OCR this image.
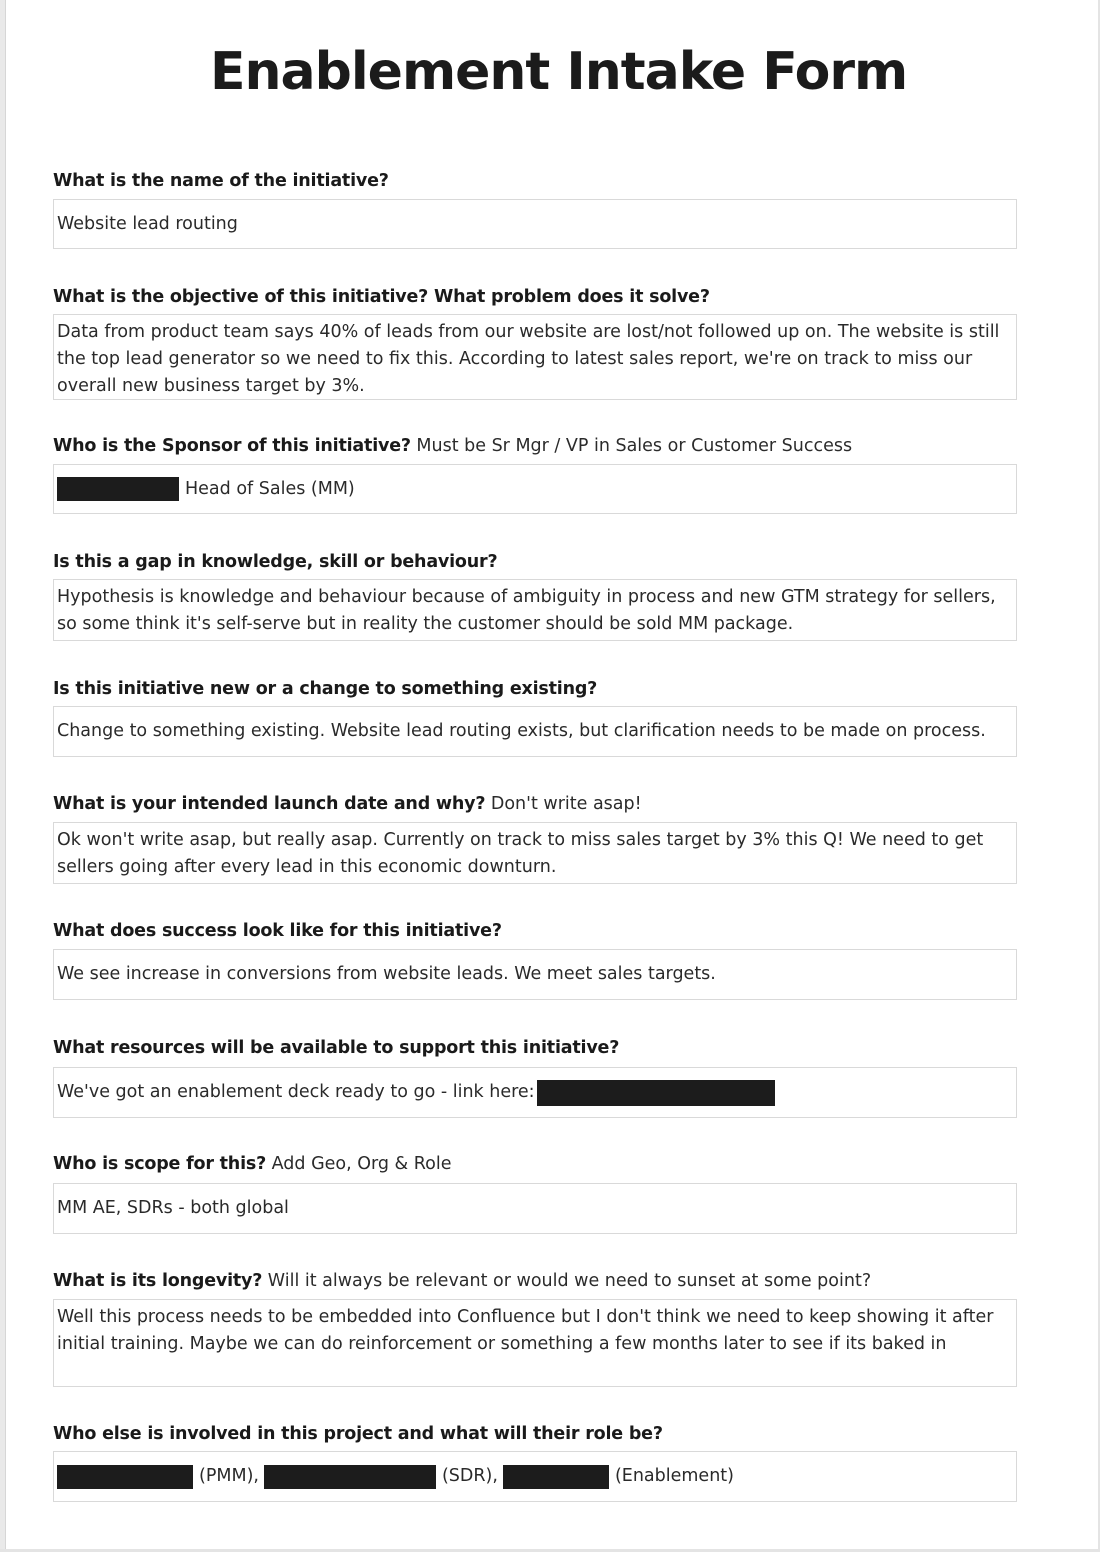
Enablement Intake Form
What is the name of the initiative?
Website lead routing
What is the objective of this initiative? What problem does it solve?
Data from product team says 40% of leads from our website are lost/not followed up on. The website is still the top lead generator so we need to fix this. According to latest sales report, we're on track to miss our overall new business target by 3%.
Who is the Sponsor of this initiative? Must be Sr Mgr / VP in Sales or Customer Success
Head of Sales (MM)
Is this a gap in knowledge, skill or behaviour?
Hypothesis is knowledge and behaviour because of ambiguity in process and new GTM strategy for sellers, so some think it's self-serve but in reality the customer should be sold MM package.
Is this initiative new or a change to something existing?
Change to something existing. Website lead routing exists, but clarification needs to be made on process.
What is your intended launch date and why? Don't write asap!
Ok won't write asap, but really asap. Currently on track to miss sales target by 3% this Q! We need to get sellers going after every lead in this economic downturn.
What does success look like for this initiative?
We see increase in conversions from website leads. We meet sales targets.
What resources will be available to support this initiative?
We've got an enablement deck ready to go - link here:
Who is scope for this? Add Geo, Org & Role
MM AE, SDRs - both global
What is its longevity? Will it always be relevant or would we need to sunset at some point?
Well this process needs to be embedded into Confluence but I don't think we need to keep showing it after initial training. Maybe we can do reinforcement or something a few months later to see if its baked in
Who else is involved in this project and what will their role be?
(PMM),	(SDR),	(Enablement)
